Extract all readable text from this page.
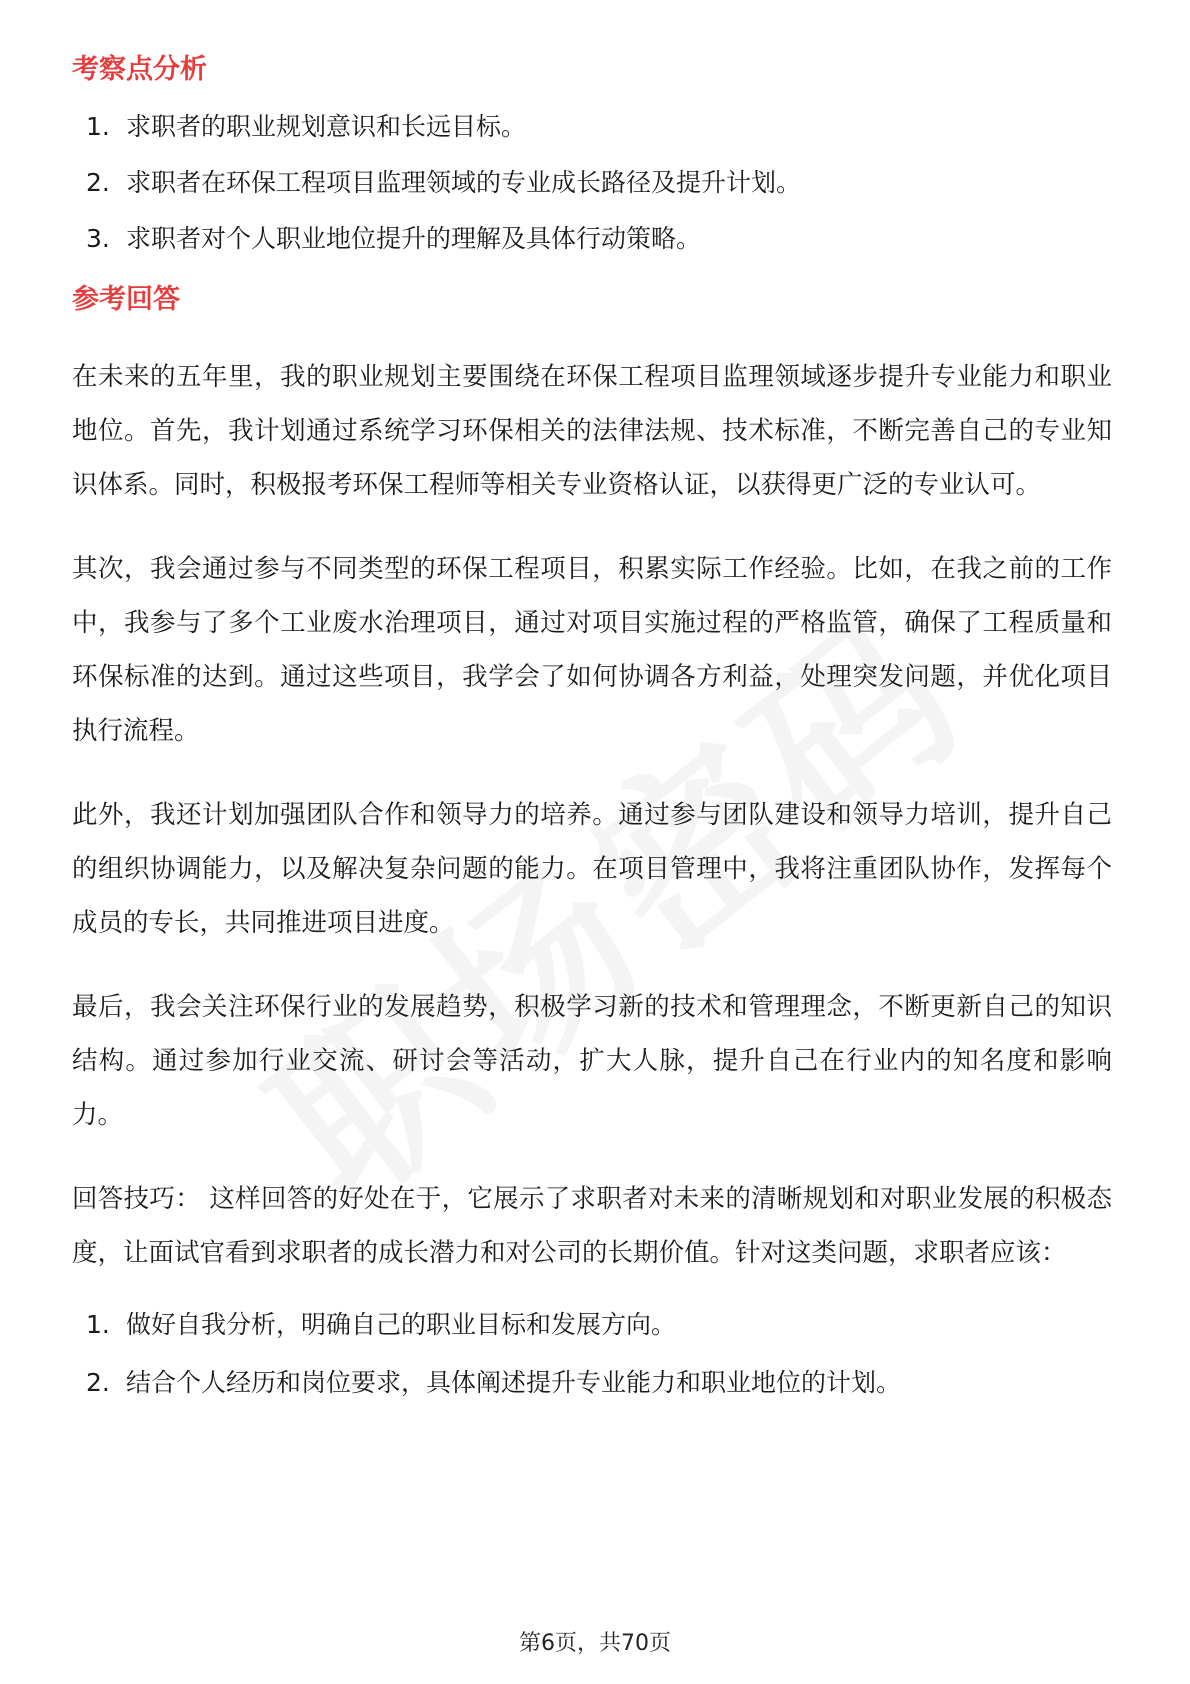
考察点分析
1. 求职者的职业规划意识和长远目标。
2. 求职者在环保工程项目监理领域的专业成长路径及提升计划。
3. 求职者对个人职业地位提升的理解及具体行动策略。
参考回答

在未来的五年里，我的职业规划主要围绕在环保工程项目监理领域逐步提升专业能力和职业地位。首先，我计划通过系统学习环保相关的法律法规、技术标准，不断完善自己的专业知识体系。同时，积极报考环保工程师等相关专业资格认证，以获得更广泛的专业认可。

其次，我会通过参与不同类型的环保工程项目，积累实际工作经验。比如，在我之前的工作中，我参与了多个工业废水治理项目，通过对项目实施过程的严格监管，确保了工程质量和环保标准的达到。通过这些项目，我学会了如何协调各方利益，处理突发问题，并优化项目执行流程。

此外，我还计划加强团队合作和领导力的培养。通过参与团队建设和领导力培训，提升自己的组织协调能力，以及解决复杂问题的能力。在项目管理中，我将注重团队协作，发挥每个成员的专长，共同推进项目进度。

最后，我会关注环保行业的发展趋势，积极学习新的技术和管理理念，不断更新自己的知识结构。通过参加行业交流、研讨会等活动，扩大人脉，提升自己在行业内的知名度和影响力。

回答技巧： 这样回答的好处在于，它展示了求职者对未来的清晰规划和对职业发展的积极态度，让面试官看到求职者的成长潜力和对公司的长期价值。针对这类问题，求职者应该：

1. 做好自我分析，明确自己的职业目标和发展方向。
2. 结合个人经历和岗位要求，具体阐述提升专业能力和职业地位的计划。
第6页，共70页
